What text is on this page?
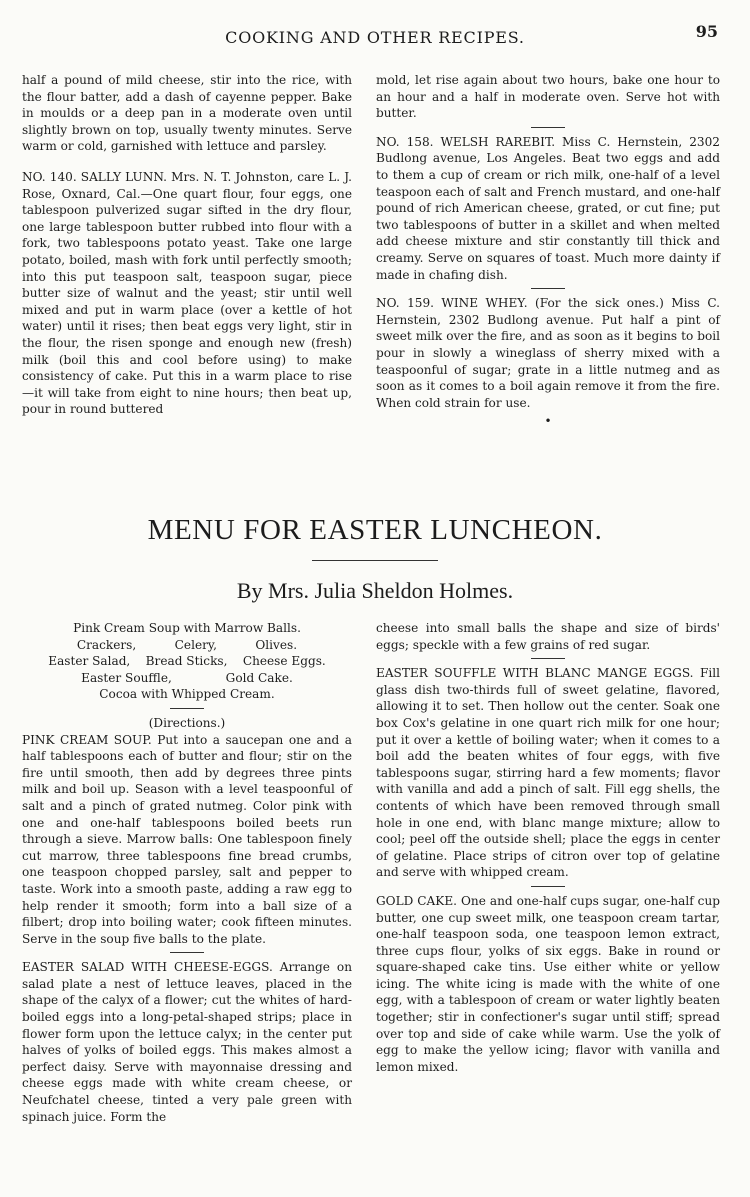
COOKING AND OTHER RECIPES.	95

half a pound of mild cheese, stir into the rice, with the flour batter, add a dash of cayenne pepper. Bake in moulds or a deep pan in a moderate oven until slightly brown on top, usually twenty minutes. Serve warm or cold, garnished with lettuce and parsley.

NO. 140. SALLY LUNN. Mrs. N. T. Johnston, care L. J. Rose, Oxnard, Cal.—One quart flour, four eggs, one tablespoon pulverized sugar sifted in the dry flour, one large tablespoon butter rubbed into flour with a fork, two tablespoons potato yeast. Take one large potato, boiled, mash with fork until perfectly smooth; into this put teaspoon salt, teaspoon sugar, piece butter size of walnut and the yeast; stir until well mixed and put in warm place (over a kettle of hot water) until it rises; then beat eggs very light, stir in the flour, the risen sponge and enough new (fresh) milk (boil this and cool before using) to make consistency of cake. Put this in a warm place to rise—it will take from eight to nine hours; then beat up, pour in round buttered

mold, let rise again about two hours, bake one hour to an hour and a half in moderate oven. Serve hot with butter.

NO. 158. WELSH RAREBIT. Miss C. Hernstein, 2302 Budlong avenue, Los Angeles. Beat two eggs and add to them a cup of cream or rich milk, one-half of a level teaspoon each of salt and French mustard, and one-half pound of rich American cheese, grated, or cut fine; put two tablespoons of butter in a skillet and when melted add cheese mixture and stir constantly till thick and creamy. Serve on squares of toast. Much more dainty if made in chafing dish.

NO. 159. WINE WHEY. (For the sick ones.) Miss C. Hernstein, 2302 Budlong avenue. Put half a pint of sweet milk over the fire, and as soon as it begins to boil pour in slowly a wineglass of sherry mixed with a teaspoonful of sugar; grate in a little nutmeg and as soon as it comes to a boil again remove it from the fire. When cold strain for use.

•
MENU FOR EASTER LUNCHEON.
By Mrs. Julia Sheldon Holmes.
Pink Cream Soup with Marrow Balls.
Crackers,          Celery,          Olives.
Easter Salad,    Bread Sticks,    Cheese Eggs.
Easter Souffle,              Gold Cake.
Cocoa with Whipped Cream.
(Directions.)

PINK CREAM SOUP. Put into a saucepan one and a half tablespoons each of butter and flour; stir on the fire until smooth, then add by degrees three pints milk and boil up. Season with a level teaspoonful of salt and a pinch of grated nutmeg. Color pink with one and one-half tablespoons boiled beets run through a sieve. Marrow balls: One tablespoon finely cut marrow, three tablespoons fine bread crumbs, one teaspoon chopped parsley, salt and pepper to taste. Work into a smooth paste, adding a raw egg to help render it smooth; form into a ball size of a filbert; drop into boiling water; cook fifteen minutes. Serve in the soup five balls to the plate.

EASTER SALAD WITH CHEESE-EGGS. Arrange on salad plate a nest of lettuce leaves, placed in the shape of the calyx of a flower; cut the whites of hard-boiled eggs into a long-petal-shaped strips; place in flower form upon the lettuce calyx; in the center put halves of yolks of boiled eggs. This makes almost a perfect daisy. Serve with mayonnaise dressing and cheese eggs made with white cream cheese, or Neufchatel cheese, tinted a very pale green with spinach juice. Form the

cheese into small balls the shape and size of birds' eggs; speckle with a few grains of red sugar.

EASTER SOUFFLE WITH BLANC MANGE EGGS. Fill glass dish two-thirds full of sweet gelatine, flavored, allowing it to set. Then hollow out the center. Soak one box Cox's gelatine in one quart rich milk for one hour; put it over a kettle of boiling water; when it comes to a boil add the beaten whites of four eggs, with five tablespoons sugar, stirring hard a few moments; flavor with vanilla and add a pinch of salt. Fill egg shells, the contents of which have been removed through small hole in one end, with blanc mange mixture; allow to cool; peel off the outside shell; place the eggs in center of gelatine. Place strips of citron over top of gelatine and serve with whipped cream.

GOLD CAKE. One and one-half cups sugar, one-half cup butter, one cup sweet milk, one teaspoon cream tartar, one-half teaspoon soda, one teaspoon lemon extract, three cups flour, yolks of six eggs. Bake in round or square-shaped cake tins. Use either white or yellow icing. The white icing is made with the white of one egg, with a tablespoon of cream or water lightly beaten together; stir in confectioner's sugar until stiff; spread over top and side of cake while warm. Use the yolk of egg to make the yellow icing; flavor with vanilla and lemon mixed.
